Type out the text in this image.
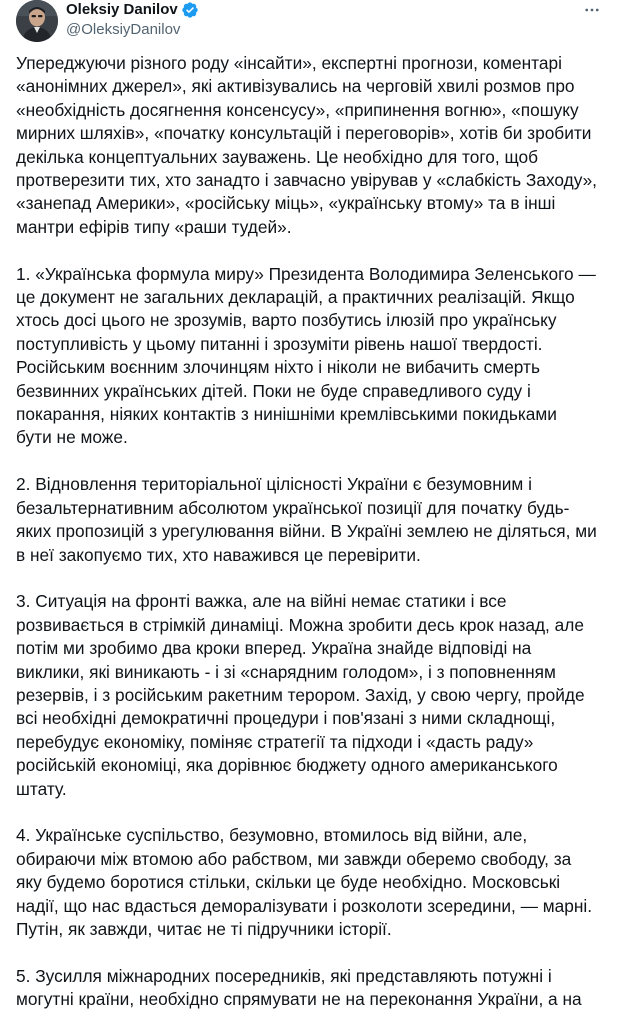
Oleksiy Danilov
@OleksiyDanilov

Упереджуючи різного роду «інсайти», експертні прогнози, коментарі
«анонімних джерел», які активізувались на черговій хвилі розмов про
«необхідність досягнення консенсусу», «припинення вогню», «пошуку
мирних шляхів», «початку консультацій і переговорів», хотів би зробити
декілька концептуальних зауважень. Це необхідно для того, щоб
протверезити тих, хто занадто і завчасно увірував у «слабкість Заходу»,
«занепад Америки», «російську міць», «українську втому» та в інші
мантри ефірів типу «раши тудей».

1. «Українська формула миру» Президента Володимира Зеленського —
це документ не загальних декларацій, а практичних реалізацій. Якщо
хтось досі цього не зрозумів, варто позбутись ілюзій про українську
поступливість у цьому питанні і зрозуміти рівень нашої твердості.
Російським воєнним злочинцям ніхто і ніколи не вибачить смерть
безвинних українських дітей. Поки не буде справедливого суду і
покарання, ніяких контактів з нинішніми кремлівськими покидьками
бути не може.

2. Відновлення територіальної цілісності України є безумовним і
безальтернативним абсолютом української позиції для початку будь-
яких пропозицій з урегулювання війни. В Україні землею не діляться, ми
в неї закопуємо тих, хто наважився це перевірити.

3. Ситуація на фронті важка, але на війні немає статики і все
розвивається в стрімкій динаміці. Можна зробити десь крок назад, але
потім ми зробимо два кроки вперед. Україна знайде відповіді на
виклики, які виникають - і зі «снарядним голодом», і з поповненням
резервів, і з російським ракетним терором. Захід, у свою чергу, пройде
всі необхідні демократичні процедури і пов'язані з ними складнощі,
перебудує економіку, поміняє стратегії та підходи і «дасть раду»
російській економіці, яка дорівнює бюджету одного американського
штату.

4. Українське суспільство, безумовно, втомилось від війни, але,
обираючи між втомою або рабством, ми завжди оберемо свободу, за
яку будемо боротися стільки, скільки це буде необхідно. Московські
надії, що нас вдасться деморалізувати і розколоти зсередини, — марні.
Путін, як завжди, читає не ті підручники історії.

5. Зусилля міжнародних посередників, які представляють потужні і
могутні країни, необхідно спрямувати не на переконання України, а на
